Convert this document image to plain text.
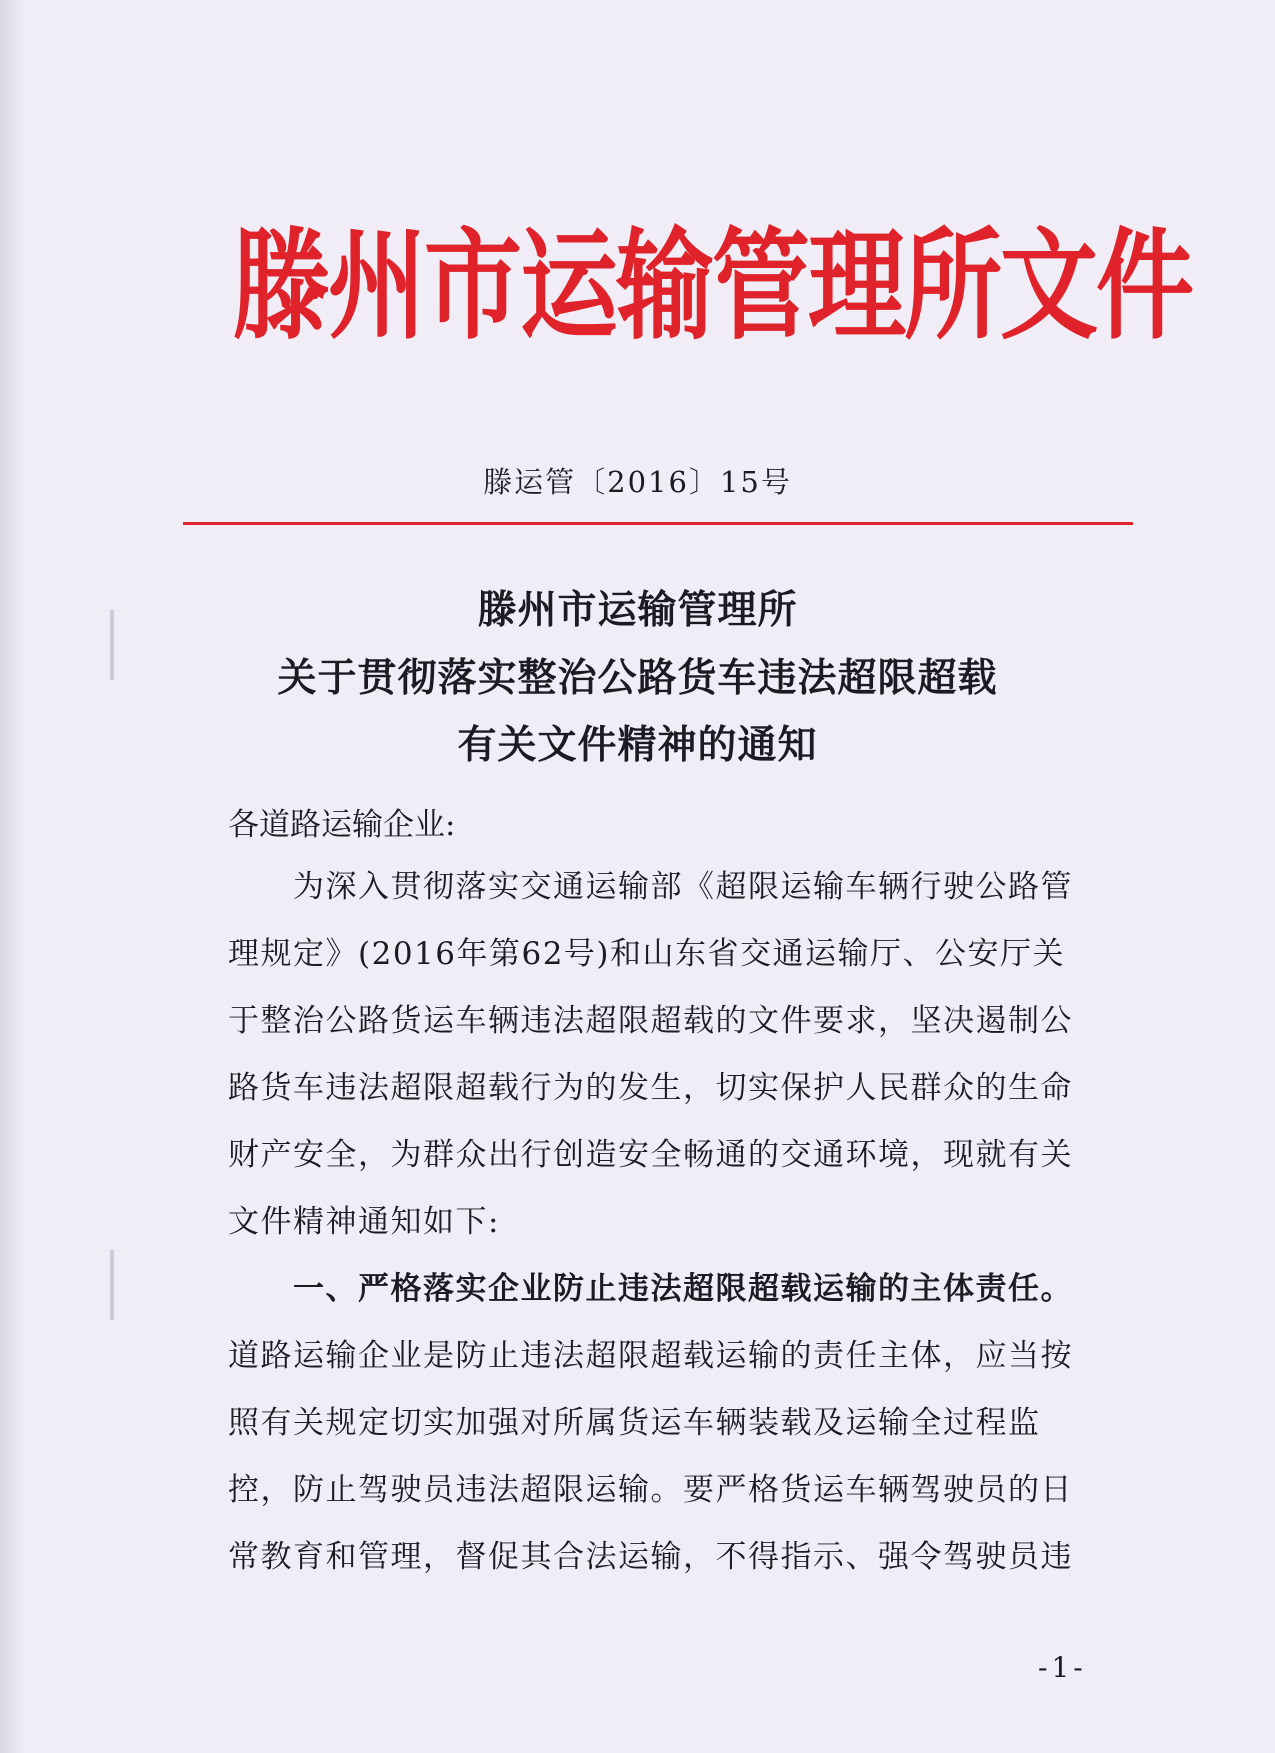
滕州市运输管理所文件
滕运管〔2016〕15号
滕州市运输管理所
关于贯彻落实整治公路货车违法超限超载
有关文件精神的通知
各道路运输企业:
　　为深入贯彻落实交通运输部《超限运输车辆行驶公路管
理规定》(2016年第62号)和山东省交通运输厅、公安厅关
于整治公路货运车辆违法超限超载的文件要求，坚决遏制公
路货车违法超限超载行为的发生，切实保护人民群众的生命
财产安全，为群众出行创造安全畅通的交通环境，现就有关
文件精神通知如下:
　　一、严格落实企业防止违法超限超载运输的主体责任。
道路运输企业是防止违法超限超载运输的责任主体，应当按
照有关规定切实加强对所属货运车辆装载及运输全过程监
控，防止驾驶员违法超限运输。要严格货运车辆驾驶员的日
常教育和管理，督促其合法运输，不得指示、强令驾驶员违
-1-
